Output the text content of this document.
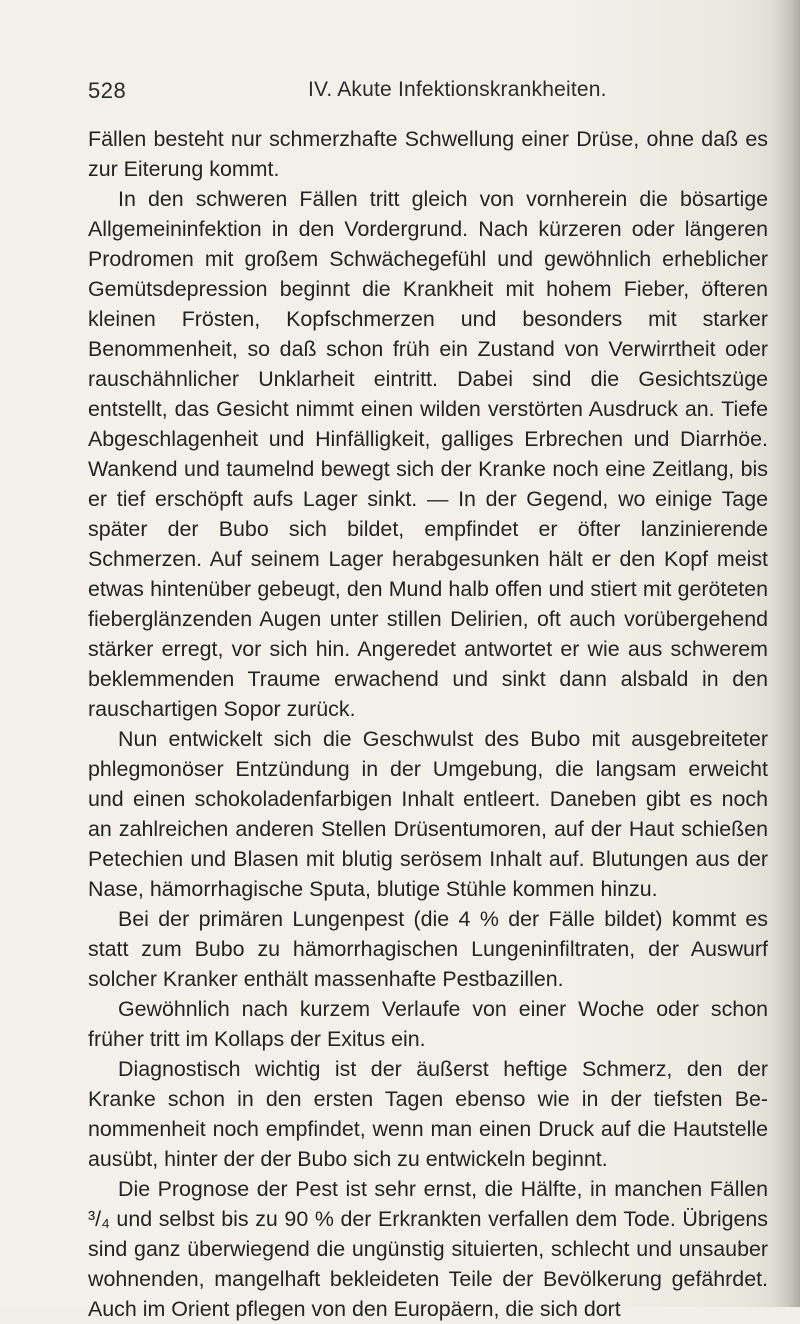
528	IV. Akute Infektionskrankheiten.

Fällen besteht nur schmerzhafte Schwellung einer Drüse, ohne daß es zur Eiterung kommt.

In den schweren Fällen tritt gleich von vornherein die bösartige Allgemeininfektion in den Vordergrund. Nach kürzeren oder längeren Prodromen mit großem Schwächegefühl und gewöhnlich erheblicher Gemütsdepression beginnt die Krankheit mit hohem Fieber, öfteren kleinen Frösten, Kopfschmerzen und besonders mit starker Benommenheit, so daß schon früh ein Zustand von Verwirrtheit oder rauschähnlicher Unklarheit eintritt. Dabei sind die Gesichtszüge entstellt, das Gesicht nimmt einen wilden verstörten Ausdruck an. Tiefe Abgeschlagenheit und Hinfälligkeit, galliges Erbrechen und Diarrhöe. Wankend und taumelnd bewegt sich der Kranke noch eine Zeitlang, bis er tief erschöpft aufs Lager sinkt. — In der Gegend, wo einige Tage später der Bubo sich bildet, empfindet er öfter lanzinierende Schmerzen. Auf seinem Lager herabgesunken hält er den Kopf meist etwas hintenüber gebeugt, den Mund halb offen und stiert mit geröteten fieberglänzenden Augen unter stillen Delirien, oft auch vorübergehend stärker erregt, vor sich hin. Angeredet antwortet er wie aus schwerem beklemmenden Traume erwachend und sinkt dann alsbald in den rauschartigen Sopor zurück.

Nun entwickelt sich die Geschwulst des Bubo mit ausgebreiteter phlegmonöser Entzündung in der Umgebung, die langsam erweicht und einen schokoladenfarbigen Inhalt entleert. Daneben gibt es noch an zahlreichen anderen Stellen Drüsentumoren, auf der Haut schießen Petechien und Blasen mit blutig serösem Inhalt auf. Blutungen aus der Nase, hämorrhagische Sputa, blutige Stühle kommen hinzu.

Bei der primären Lungenpest (die 4 % der Fälle bildet) kommt es statt zum Bubo zu hämorrhagischen Lungeninfiltraten, der Auswurf solcher Kranker enthält massenhafte Pestbazillen.

Gewöhnlich nach kurzem Verlaufe von einer Woche oder schon früher tritt im Kollaps der Exitus ein.

Diagnostisch wichtig ist der äußerst heftige Schmerz, den der Kranke schon in den ersten Tagen ebenso wie in der tiefsten Benommenheit noch empfindet, wenn man einen Druck auf die Hautstelle ausübt, hinter der der Bubo sich zu entwickeln beginnt.

Die Prognose der Pest ist sehr ernst, die Hälfte, in manchen Fällen ³/₄ und selbst bis zu 90 % der Erkrankten verfallen dem Tode. Übrigens sind ganz überwiegend die ungünstig situierten, schlecht und unsauber wohnenden, mangelhaft bekleideten Teile der Bevölkerung gefährdet. Auch im Orient pflegen von den Europäern, die sich dort
